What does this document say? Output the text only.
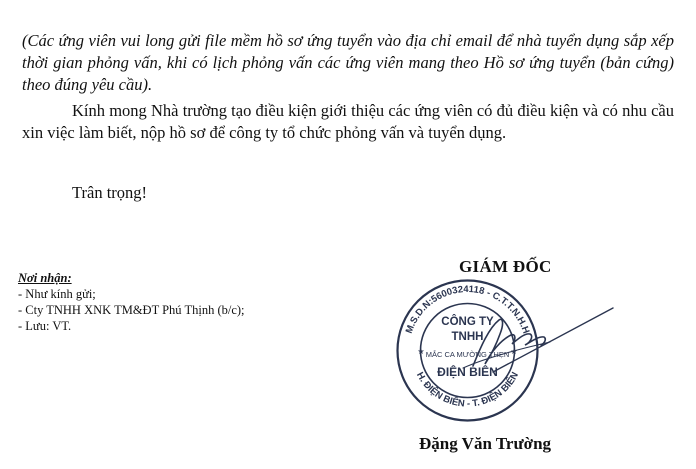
(Các ứng viên vui long gửi file mềm hồ sơ ứng tuyển vào địa chỉ email để nhà tuyển dụng sắp xếp thời gian phỏng vấn, khi có lịch phỏng vấn các ứng viên mang theo Hồ sơ ứng tuyển (bản cứng) theo đúng yêu cầu).

Kính mong Nhà trường tạo điều kiện giới thiệu các ứng viên có đủ điều kiện và có nhu cầu xin việc làm biết, nộp hồ sơ để công ty tổ chức phỏng vấn và tuyển dụng.

Trân trọng!
Nơi nhận:
- Như kính gửi;
- Cty TNHH XNK TM&ĐT Phú Thịnh (b/c);
- Lưu: VT.
GIÁM ĐỐC
M.S.D.N:5600324118 - C.T.T.N.H.H
H. ĐIỆN BIÊN - T. ĐIỆN BIÊN
CÔNG TY
TNHH
MẮC CA MƯỜNG THẸN
ĐIỆN BIÊN
★	★
Đặng Văn Trường
